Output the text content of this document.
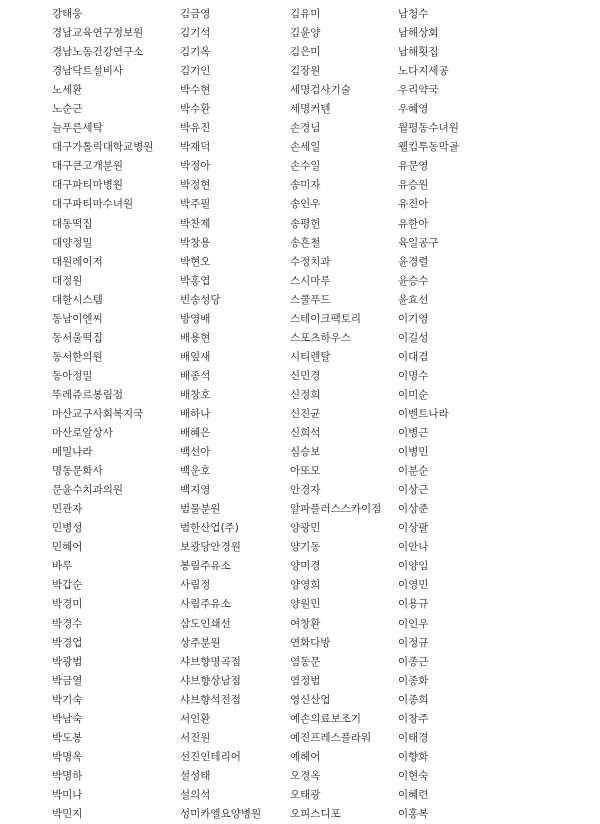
강태웅	김금영	김유미	남청수
경남교육연구정보원	김기석	김윤양	남해상회
경남노동건강연구소	김기옥	김은미	남해횟집
경남닥트설비사	김기인	김장원	노다지세공
노세환	박수현	세명검사기술	우리약국
노순근	박수환	세명커텐	우혜영
늘푸른세탁	박유진	손경님	월평동수녀원
대구가톨릭대학교병원	박재덕	손세일	웰킴투동막골
대구큰고개분원	박정아	손수일	유문영
대구파티마병원	박정현	송미자	유승원
대구파티마수녀원	박주필	송인우	유진아
대동떡집	박찬제	송평헌	유한아
대양정밀	박창용	송흔철	육일공구
대원레이저	박현오	수정치과	윤경렬
대정원	박홍엽	스시마루	윤승수
대한시스템	빈송성당	스쿨푸드	윤효선
동남이엔씨	방영배	스테이크팩토리	이기영
동서울떡집	배용현	스포츠하우스	이길성
동서한의원	배잎새	시티렌탈	이대겸
동아정밀	배종석	신민경	이명수
뚜레쥬르봉림점	배창호	신정희	이미순
마산교구사회복지국	배하나	신진균	이벤트나라
마산로알상사	배혜은	신희석	이병근
메밀나라	백선아	심승보	이병민
명동문화사	백운호	아또모	이분순
문윤수치과의원	백지영	안경자	이상근
민관자	범물분원	알파플러스스카이점	이상준
민병성	범한산업(주)	양광민	이상팔
민혜어	보광당안경원	양기동	이안나
바루	봉림주유소	양미경	이양임
박갑순	사림정	양영희	이영민
박경미	사림주유소	양원민	이용규
박경수	삼도인쇄선	여창환	이인우
박경업	상주분원	연화다방	이정규
박광범	샤브향명곡점	염동문	이종근
박금열	샤브향상남점	염정범	이종화
박기숙	샤브향석전점	영신산업	이종희
박남숙	서인환	예손의료보조기	이창주
박도봉	서진원	예진프레스플라워	이태경
박명옥	선진인테리어	예헤어	이향화
박명하	설성태	오경옥	이현숙
박미나	설의석	오태광	이혜련
박민지	성미카엘요양병원	오피스디포	이홍복
